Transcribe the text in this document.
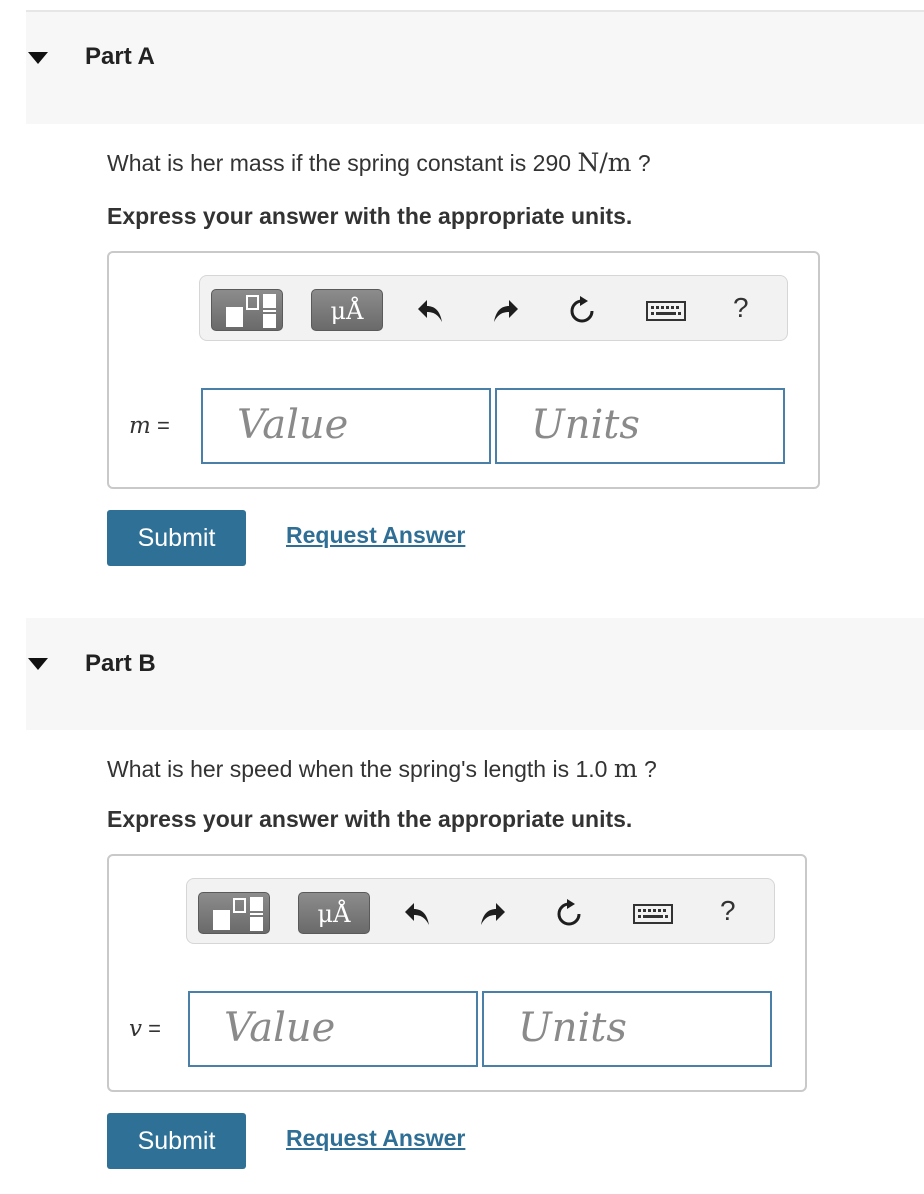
Part A
What is her mass if the spring constant is 290 N/m ?
Express your answer with the appropriate units.
μÅ	?
m = Value	Units
Submit	Request Answer
Part B
What is her speed when the spring's length is 1.0 m ?
Express your answer with the appropriate units.
μÅ	?
v = Value	Units
Submit	Request Answer
